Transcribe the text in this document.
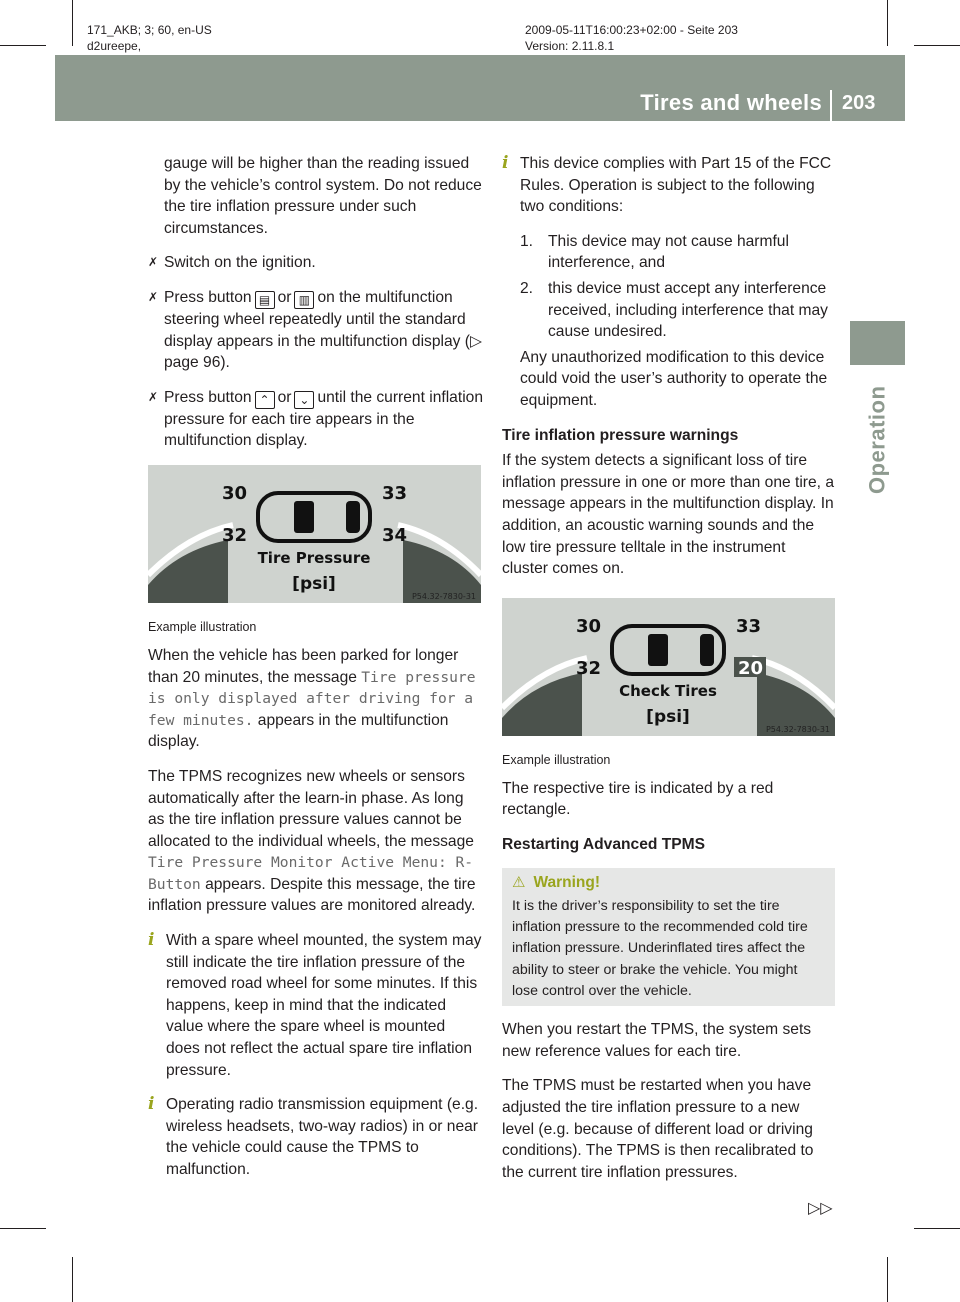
171_AKB; 3; 60, en-US
d2ureepe,
2009-05-11T16:00:23+02:00 - Seite 203
Version: 2.11.8.1
Tires and wheels 203
Operation

gauge will be higher than the reading issued by the vehicle’s control system. Do not reduce the tire inflation pressure under such circumstances.

✗ Switch on the ignition.

✗ Press button ▤ or ▥ on the multifunction steering wheel repeatedly until the standard display appears in the multifunction display (▷ page 96).

✗ Press button ⌃ or ⌄ until the current inflation pressure for each tire appears in the multifunction display.

30	33
32	34
Tire Pressure
[psi]
P54.32-7830-31

Example illustration

When the vehicle has been parked for longer than 20 minutes, the message Tire pressure is only displayed after driving for a few minutes. appears in the multifunction display.

The TPMS recognizes new wheels or sensors automatically after the learn-in phase. As long as the tire inflation pressure values cannot be allocated to the individual wheels, the message Tire Pressure Monitor Active Menu: R-Button appears. Despite this message, the tire inflation pressure values are monitored already.

i With a spare wheel mounted, the system may still indicate the tire inflation pressure of the removed road wheel for some minutes. If this happens, keep in mind that the indicated value where the spare wheel is mounted does not reflect the actual spare tire inflation pressure.

i Operating radio transmission equipment (e.g. wireless headsets, two-way radios) in or near the vehicle could cause the TPMS to malfunction.

i This device complies with Part 15 of the FCC Rules. Operation is subject to the following two conditions:

1. This device may not cause harmful interference, and

2. this device must accept any interference received, including interference that may cause undesired.

Any unauthorized modification to this device could void the user’s authority to operate the equipment.

Tire inflation pressure warnings

If the system detects a significant loss of tire inflation pressure in one or more than one tire, a message appears in the multifunction display. In addition, an acoustic warning sounds and the low tire pressure telltale in the instrument cluster comes on.

30	33
32	20
Check Tires
[psi]
P54.32-7830-31

Example illustration

The respective tire is indicated by a red rectangle.

Restarting Advanced TPMS

⚠ Warning!
It is the driver’s responsibility to set the tire inflation pressure to the recommended cold tire inflation pressure. Underinflated tires affect the ability to steer or brake the vehicle. You might lose control over the vehicle.

When you restart the TPMS, the system sets new reference values for each tire.

The TPMS must be restarted when you have adjusted the tire inflation pressure to a new level (e.g. because of different load or driving conditions). The TPMS is then recalibrated to the current tire inflation pressures.

▷▷
